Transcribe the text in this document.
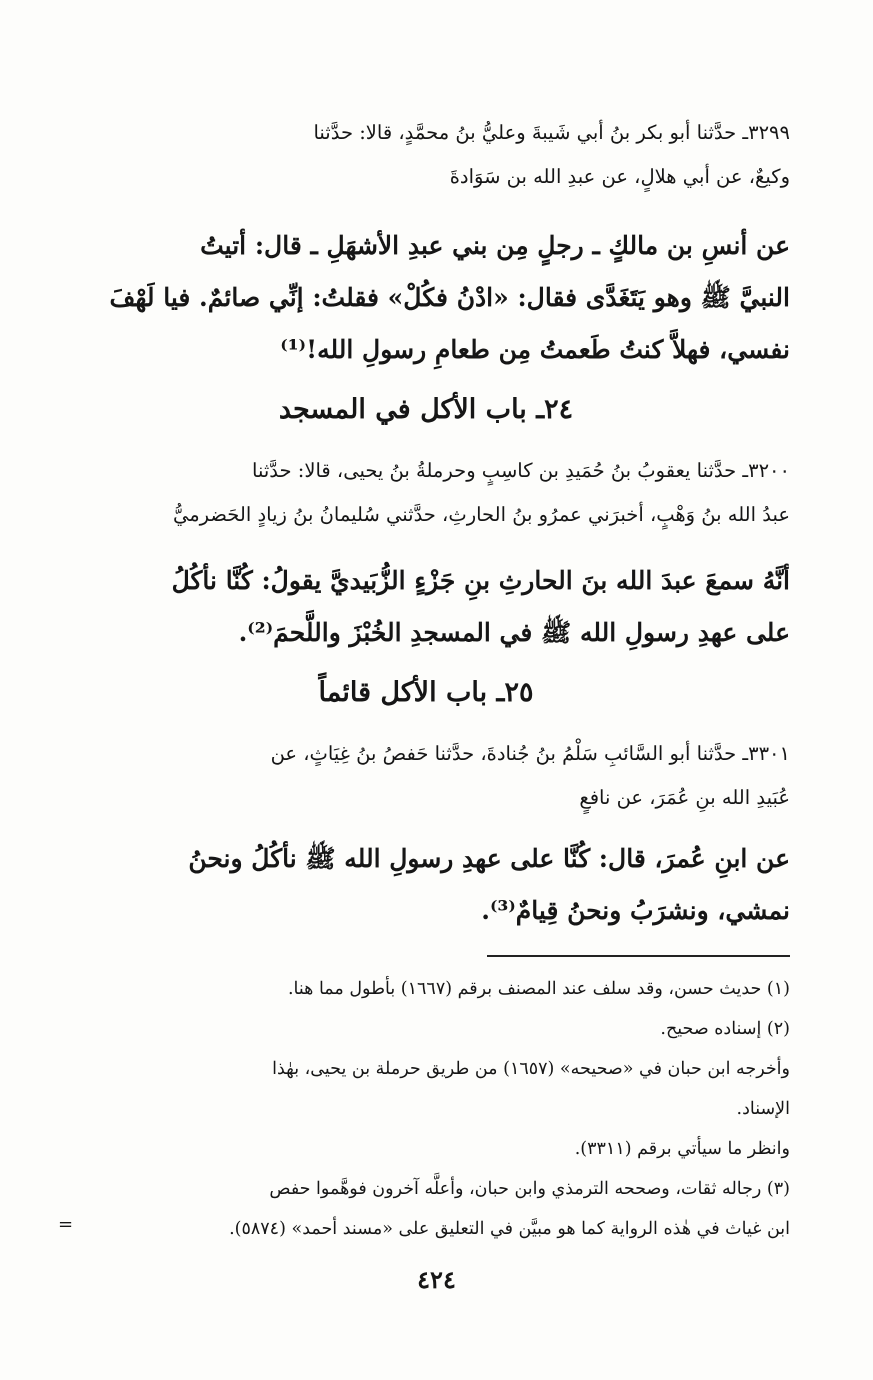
٣٢٩٩ـ حدَّثنا أبو بكر بنُ أبي شَيبةَ وعليُّ بنُ محمَّدٍ، قالا: حدَّثنا
وكيعٌ، عن أبي هلالٍ، عن عبدِ الله بن سَوَادةَ
عن أنسِ بن مالكٍ ـ رجلٍ مِن بني عبدِ الأشهَلِ ـ قال: أتيتُ
النبيَّ ﷺ وهو يَتَغَدَّى فقال: «ادْنُ فكُلْ» فقلتُ: إنِّي صائمٌ. فيا لَهْفَ
نفسي، فهلاَّ كنتُ طَعمتُ مِن طعامِ رسولِ الله!⁽¹⁾
٢٤ـ باب الأكل في المسجد
٣٢٠٠ـ حدَّثنا يعقوبُ بنُ حُمَيدِ بن كاسِبٍ وحرملةُ بنُ يحيى، قالا: حدَّثنا
عبدُ الله بنُ وَهْبٍ، أخبرَني عمرُو بنُ الحارثِ، حدَّثني سُليمانُ بنُ زيادٍ الحَضرميُّ
أنَّهُ سمعَ عبدَ الله بنَ الحارثِ بنِ جَزْءٍ الزُّبَيديَّ يقولُ: كُنَّا نأكُلُ
على عهدِ رسولِ الله ﷺ في المسجدِ الخُبْزَ واللَّحمَ⁽²⁾.
٢٥ـ باب الأكل قائماً
٣٣٠١ـ حدَّثنا أبو السَّائبِ سَلْمُ بنُ جُنادةَ، حدَّثنا حَفصُ بنُ غِيَاثٍ، عن
عُبَيدِ الله بنِ عُمَرَ، عن نافعٍ
عن ابنِ عُمرَ، قال: كُنَّا على عهدِ رسولِ الله ﷺ نأكُلُ ونحنُ
نمشي، ونشرَبُ ونحنُ قِيامٌ⁽³⁾.
(١) حديث حسن، وقد سلف عند المصنف برقم (١٦٦٧) بأطول مما هنا.
(٢) إسناده صحيح.
وأخرجه ابن حبان في «صحيحه» (١٦٥٧) من طريق حرملة بن يحيى، بهٰذا
الإسناد.
وانظر ما سيأتي برقم (٣٣١١).
(٣) رجاله ثقات، وصححه الترمذي وابن حبان، وأعلَّه آخرون فوهَّموا حفص
ابن غياث في هٰذه الرواية كما هو مبيَّن في التعليق على «مسند أحمد» (٥٨٧٤).
=
٤٢٤
